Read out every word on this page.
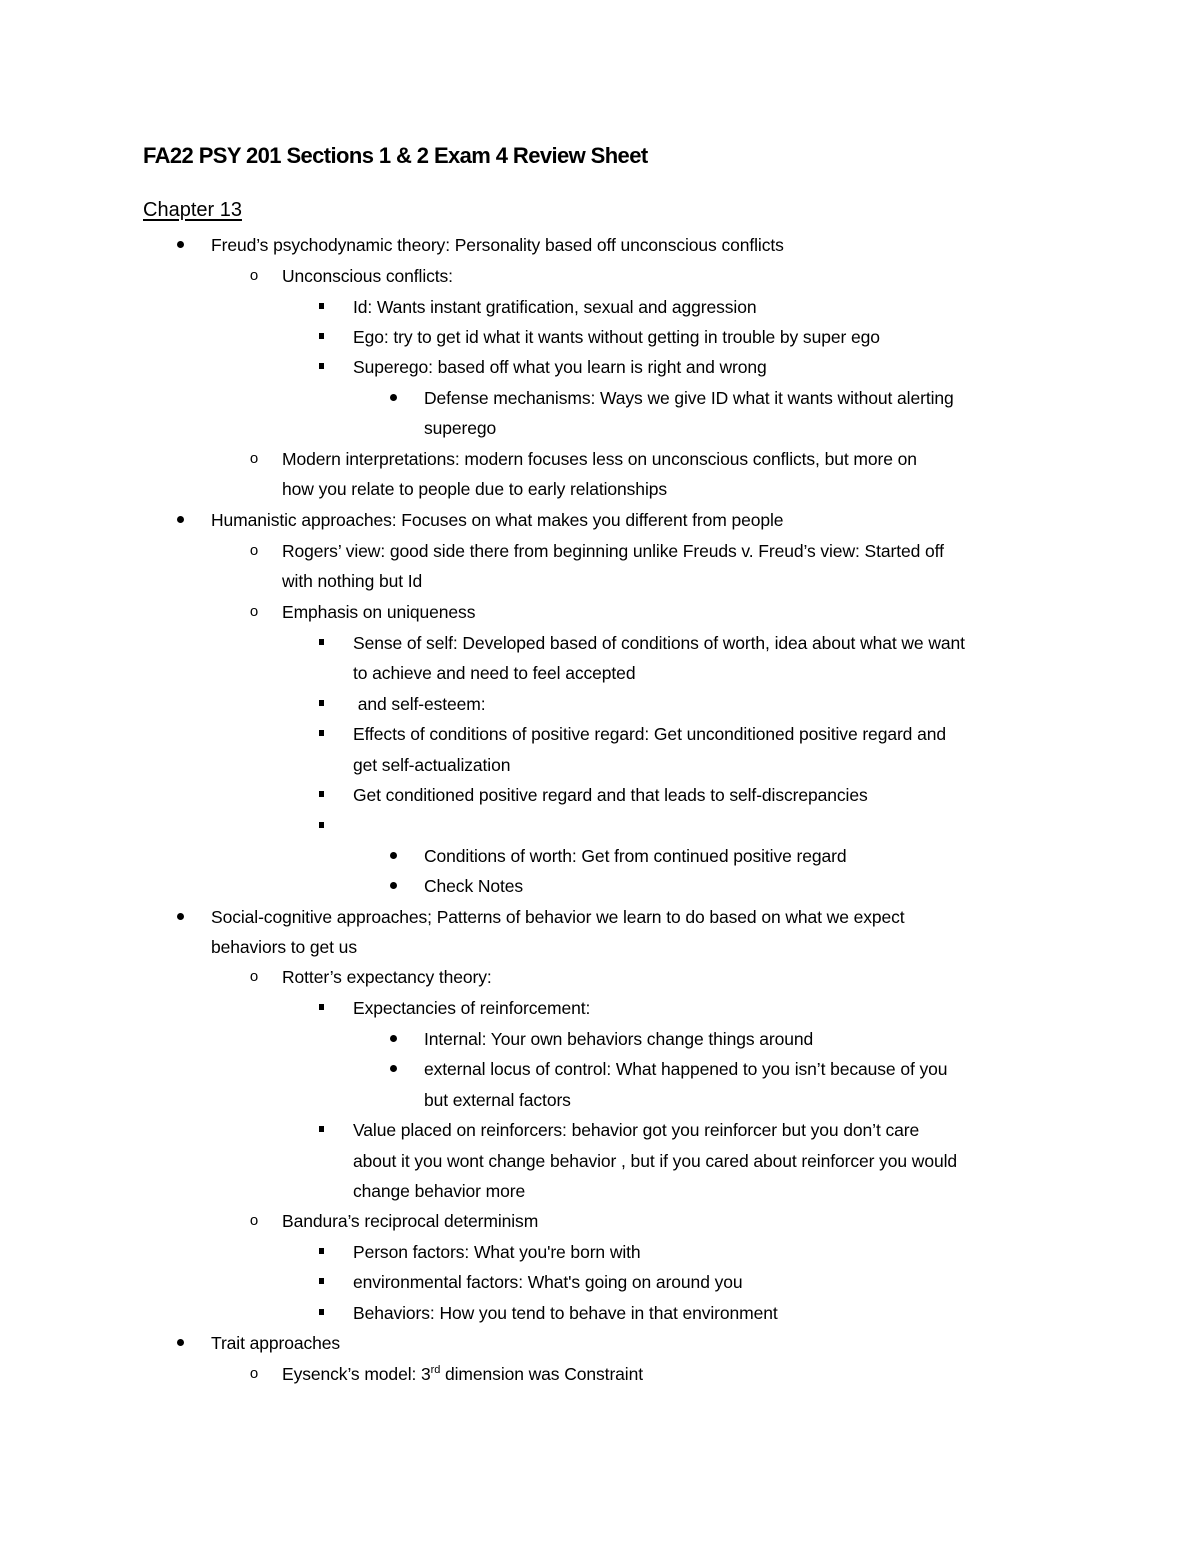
FA22 PSY 201 Sections 1 & 2 Exam 4 Review Sheet
Chapter 13
Freud’s psychodynamic theory: Personality based off unconscious conflicts
o Unconscious conflicts:
Id: Wants instant gratification, sexual and aggression
Ego: try to get id what it wants without getting in trouble by super ego
Superego: based off what you learn is right and wrong
Defense mechanisms: Ways we give ID what it wants without alerting
superego
o Modern interpretations: modern focuses less on unconscious conflicts, but more on
how you relate to people due to early relationships
Humanistic approaches: Focuses on what makes you different from people
o Rogers’ view: good side there from beginning unlike Freuds v. Freud’s view: Started off
with nothing but Id
o Emphasis on uniqueness
Sense of self: Developed based of conditions of worth, idea about what we want
to achieve and need to feel accepted
and self-esteem:
Effects of conditions of positive regard: Get unconditioned positive regard and
get self-actualization
Get conditioned positive regard and that leads to self-discrepancies
Conditions of worth: Get from continued positive regard
Check Notes
Social-cognitive approaches; Patterns of behavior we learn to do based on what we expect
behaviors to get us
o Rotter’s expectancy theory:
Expectancies of reinforcement:
Internal: Your own behaviors change things around
external locus of control: What happened to you isn’t because of you
but external factors
Value placed on reinforcers: behavior got you reinforcer but you don’t care
about it you wont change behavior , but if you cared about reinforcer you would
change behavior more
o Bandura’s reciprocal determinism
Person factors: What you're born with
environmental factors: What's going on around you
Behaviors: How you tend to behave in that environment
Trait approaches
o Eysenck’s model: 3rd dimension was Constraint
